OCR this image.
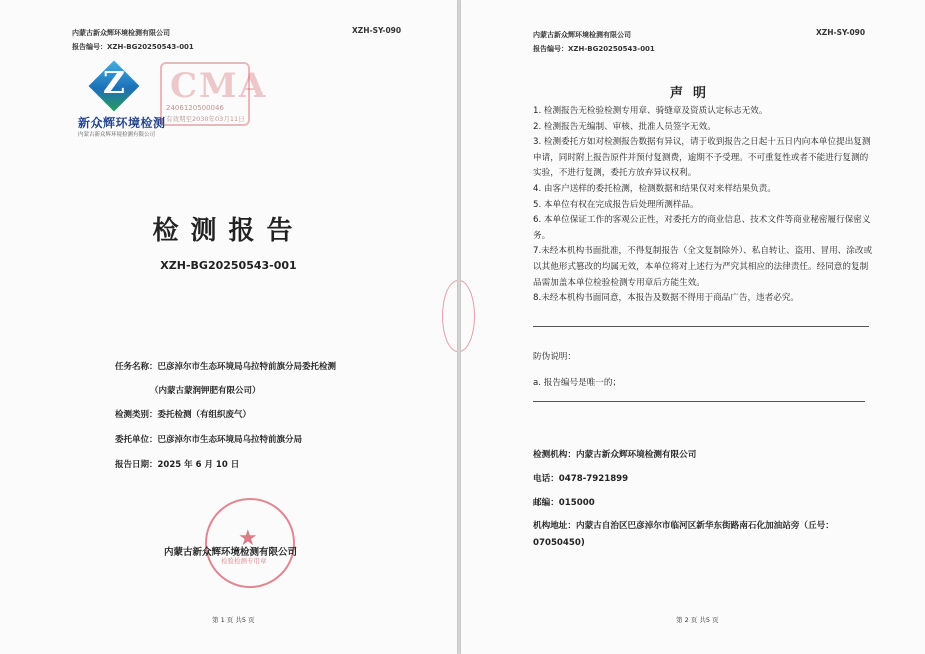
内蒙古新众辉环境检测有限公司
报告编号：XZH-BG20250543-001
XZH-SY-090
Z
新众辉环境检测
内蒙古新众辉环境检测有限公司
CMA
2406120500046
有效期至2030年03月11日
检测报告
XZH-BG20250543-001
任务名称：巴彦淖尔市生态环境局乌拉特前旗分局委托检测
（内蒙古蒙润钾肥有限公司）
检测类别：委托检测（有组织废气）
委托单位：巴彦淖尔市生态环境局乌拉特前旗分局
报告日期：2025 年 6 月 10 日
★
检验检测专用章
内蒙古新众辉环境检测有限公司
第 1 页 共5 页
内蒙古新众辉环境检测有限公司
报告编号：XZH-BG20250543-001
XZH-SY-090
声明

1. 检测报告无检验检测专用章、骑缝章及资质认定标志无效。

2. 检测报告无编制、审核、批准人员签字无效。

3. 检测委托方如对检测报告数据有异议，请于收到报告之日起十五日内向本单位提出复测申请，同时附上报告原件并预付复测费，逾期不予受理。不可重复性或者不能进行复测的实验，不进行复测，委托方放弃异议权利。

4. 由客户送样的委托检测，检测数据和结果仅对来样结果负责。

5. 本单位有权在完成报告后处理所测样品。

6. 本单位保证工作的客观公正性，对委托方的商业信息、技术文件等商业秘密履行保密义务。

7.未经本机构书面批准，不得复制报告（全文复制除外）、私自转让、盗用、冒用、涂改或以其他形式篡改的均属无效，本单位将对上述行为严究其相应的法律责任。经同意的复制品需加盖本单位检验检测专用章后方能生效。

8.未经本机构书面同意，本报告及数据不得用于商品广告，违者必究。

防伪说明：
a. 报告编号是唯一的；
检测机构：内蒙古新众辉环境检测有限公司
电话：0478-7921899
邮编：015000
机构地址：内蒙古自治区巴彦淖尔市临河区新华东街路南石化加油站旁（丘号：07050450)
第 2 页 共5 页
